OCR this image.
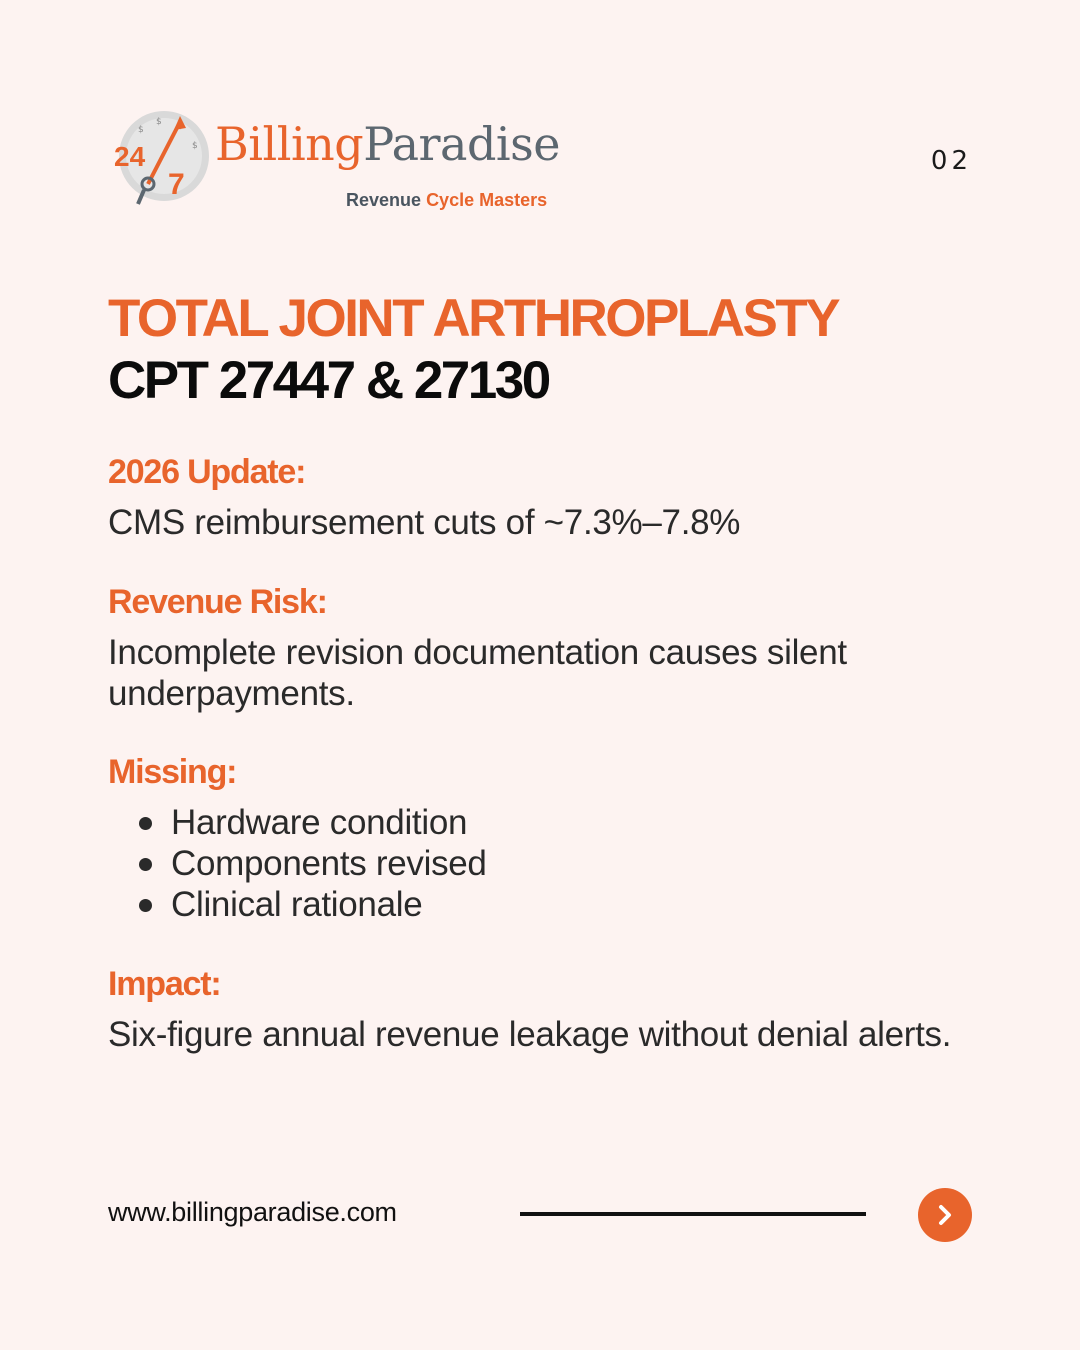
$
$
$
24
7
BillingParadise
Revenue Cycle Masters
02
TOTAL JOINT ARTHROPLASTY
CPT 27447 & 27130
2026 Update:
CMS reimbursement cuts of ~7.3%–7.8%
Revenue Risk:
Incomplete revision documentation causes silent underpayments.
Missing:
Hardware condition
Components revised
Clinical rationale
Impact:
Six-figure annual revenue leakage without denial alerts.
www.billingparadise.com
